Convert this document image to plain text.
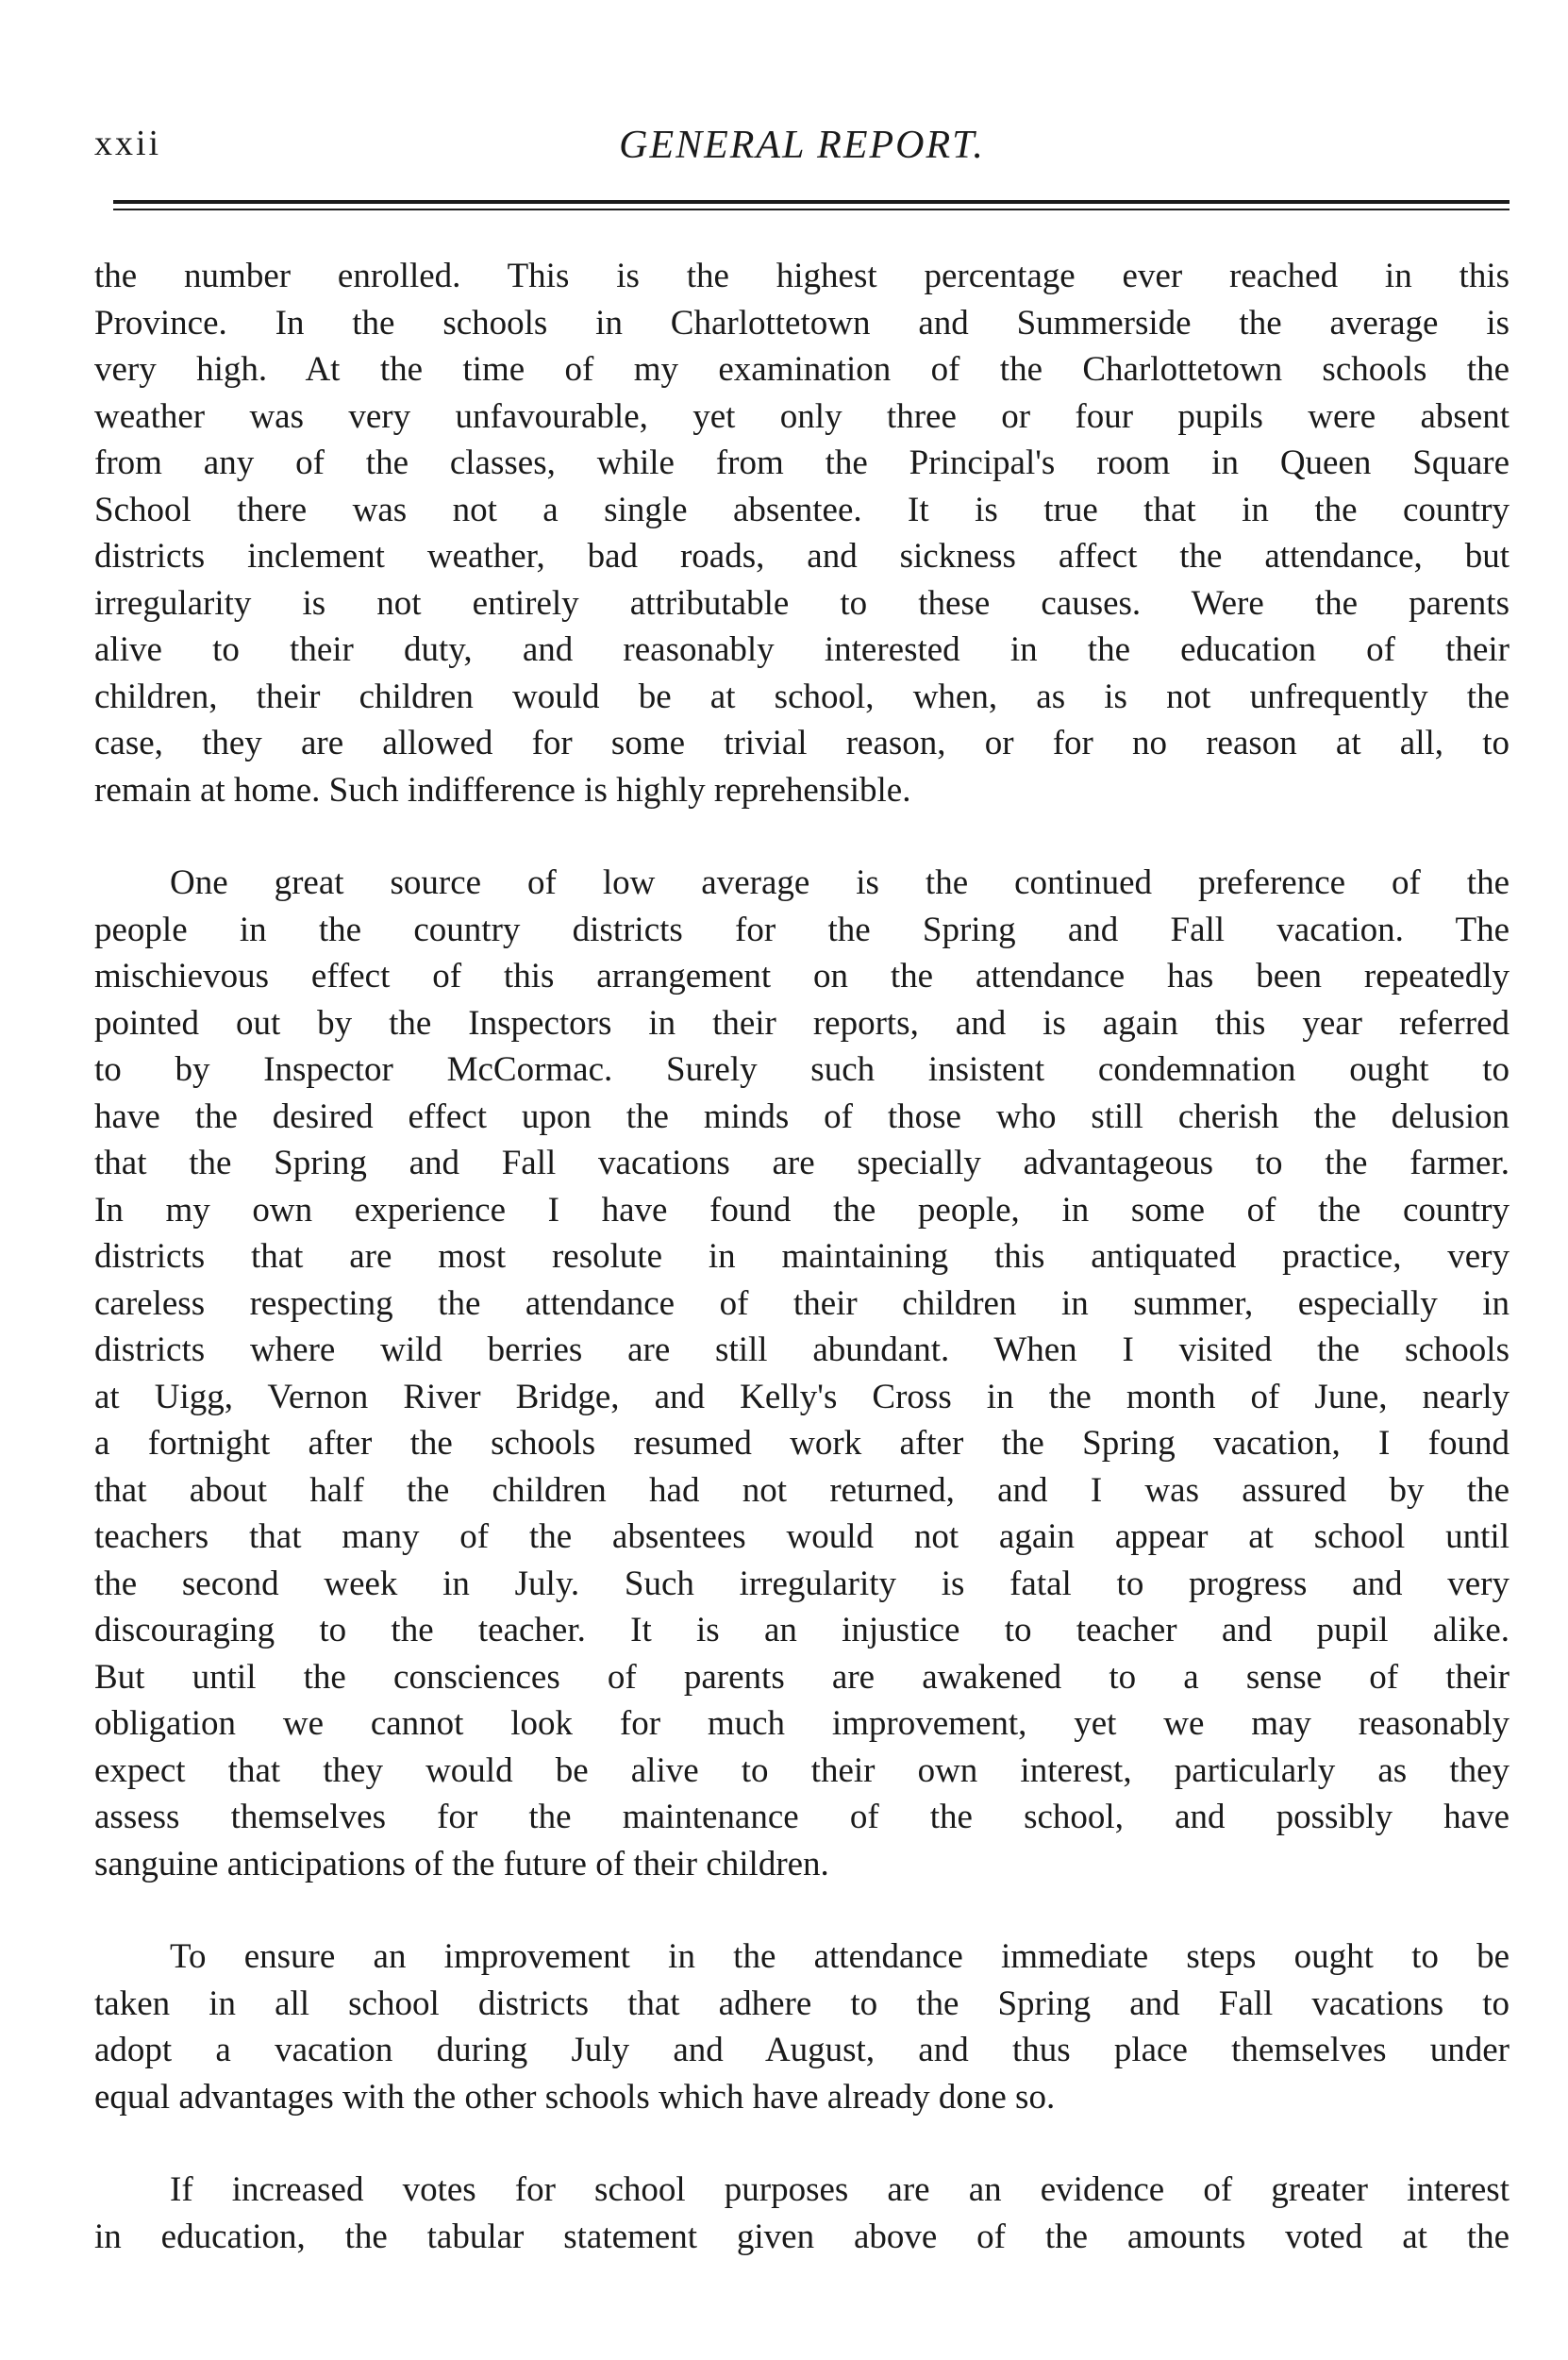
xxii	GENERAL REPORT.
the number enrolled. This is the highest percentage ever reached in this
Province. In the schools in Charlottetown and Summerside the average is
very high. At the time of my examination of the Charlottetown schools the
weather was very unfavourable, yet only three or four pupils were absent
from any of the classes, while from the Principal's room in Queen Square
School there was not a single absentee. It is true that in the country
districts inclement weather, bad roads, and sickness affect the attendance, but
irregularity is not entirely attributable to these causes. Were the parents
alive to their duty, and reasonably interested in the education of their
children, their children would be at school, when, as is not unfrequently the
case, they are allowed for some trivial reason, or for no reason at all, to
remain at home. Such indifference is highly reprehensible.
One great source of low average is the continued preference of the
people in the country districts for the Spring and Fall vacation. The
mischievous effect of this arrangement on the attendance has been repeatedly
pointed out by the Inspectors in their reports, and is again this year referred
to by Inspector McCormac. Surely such insistent condemnation ought to
have the desired effect upon the minds of those who still cherish the delusion
that the Spring and Fall vacations are specially advantageous to the farmer.
In my own experience I have found the people, in some of the country
districts that are most resolute in maintaining this antiquated practice, very
careless respecting the attendance of their children in summer, especially in
districts where wild berries are still abundant. When I visited the schools
at Uigg, Vernon River Bridge, and Kelly's Cross in the month of June, nearly
a fortnight after the schools resumed work after the Spring vacation, I found
that about half the children had not returned, and I was assured by the
teachers that many of the absentees would not again appear at school until
the second week in July. Such irregularity is fatal to progress and very
discouraging to the teacher. It is an injustice to teacher and pupil alike.
But until the consciences of parents are awakened to a sense of their
obligation we cannot look for much improvement, yet we may reasonably
expect that they would be alive to their own interest, particularly as they
assess themselves for the maintenance of the school, and possibly have
sanguine anticipations of the future of their children.
To ensure an improvement in the attendance immediate steps ought to be
taken in all school districts that adhere to the Spring and Fall vacations to
adopt a vacation during July and August, and thus place themselves under
equal advantages with the other schools which have already done so.
If increased votes for school purposes are an evidence of greater interest
in education, the tabular statement given above of the amounts voted at the
